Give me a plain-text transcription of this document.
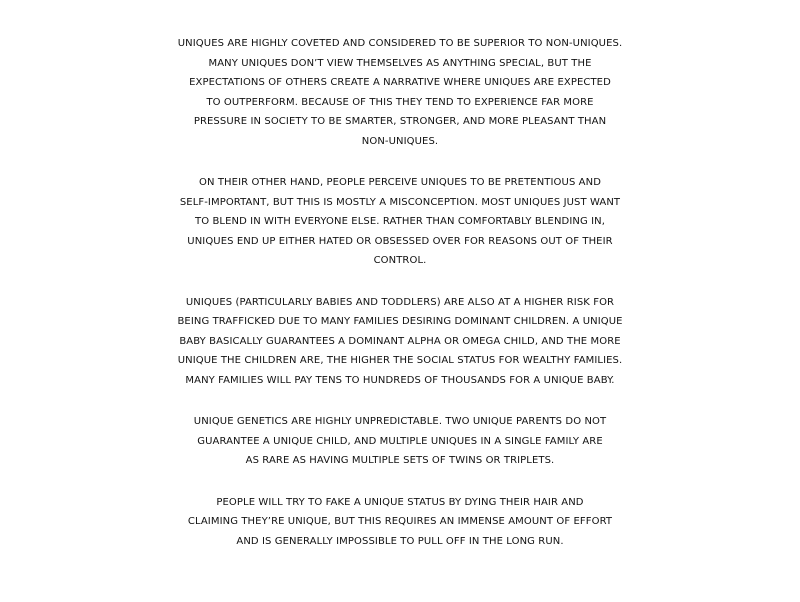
UNIQUES ARE HIGHLY COVETED AND CONSIDERED TO BE SUPERIOR TO NON-UNIQUES.
MANY UNIQUES DON’T VIEW THEMSELVES AS ANYTHING SPECIAL, BUT THE
EXPECTATIONS OF OTHERS CREATE A NARRATIVE WHERE UNIQUES ARE EXPECTED
TO OUTPERFORM. BECAUSE OF THIS THEY TEND TO EXPERIENCE FAR MORE
PRESSURE IN SOCIETY TO BE SMARTER, STRONGER, AND MORE PLEASANT THAN
NON-UNIQUES.
ON THEIR OTHER HAND, PEOPLE PERCEIVE UNIQUES TO BE PRETENTIOUS AND
SELF-IMPORTANT, BUT THIS IS MOSTLY A MISCONCEPTION. MOST UNIQUES JUST WANT
TO BLEND IN WITH EVERYONE ELSE. RATHER THAN COMFORTABLY BLENDING IN,
UNIQUES END UP EITHER HATED OR OBSESSED OVER FOR REASONS OUT OF THEIR
CONTROL.
UNIQUES (PARTICULARLY BABIES AND TODDLERS) ARE ALSO AT A HIGHER RISK FOR
BEING TRAFFICKED DUE TO MANY FAMILIES DESIRING DOMINANT CHILDREN. A UNIQUE
BABY BASICALLY GUARANTEES A DOMINANT ALPHA OR OMEGA CHILD, AND THE MORE
UNIQUE THE CHILDREN ARE, THE HIGHER THE SOCIAL STATUS FOR WEALTHY FAMILIES.
MANY FAMILIES WILL PAY TENS TO HUNDREDS OF THOUSANDS FOR A UNIQUE BABY.
UNIQUE GENETICS ARE HIGHLY UNPREDICTABLE. TWO UNIQUE PARENTS DO NOT
GUARANTEE A UNIQUE CHILD, AND MULTIPLE UNIQUES IN A SINGLE FAMILY ARE
AS RARE AS HAVING MULTIPLE SETS OF TWINS OR TRIPLETS.
PEOPLE WILL TRY TO FAKE A UNIQUE STATUS BY DYING THEIR HAIR AND
CLAIMING THEY’RE UNIQUE, BUT THIS REQUIRES AN IMMENSE AMOUNT OF EFFORT
AND IS GENERALLY IMPOSSIBLE TO PULL OFF IN THE LONG RUN.
